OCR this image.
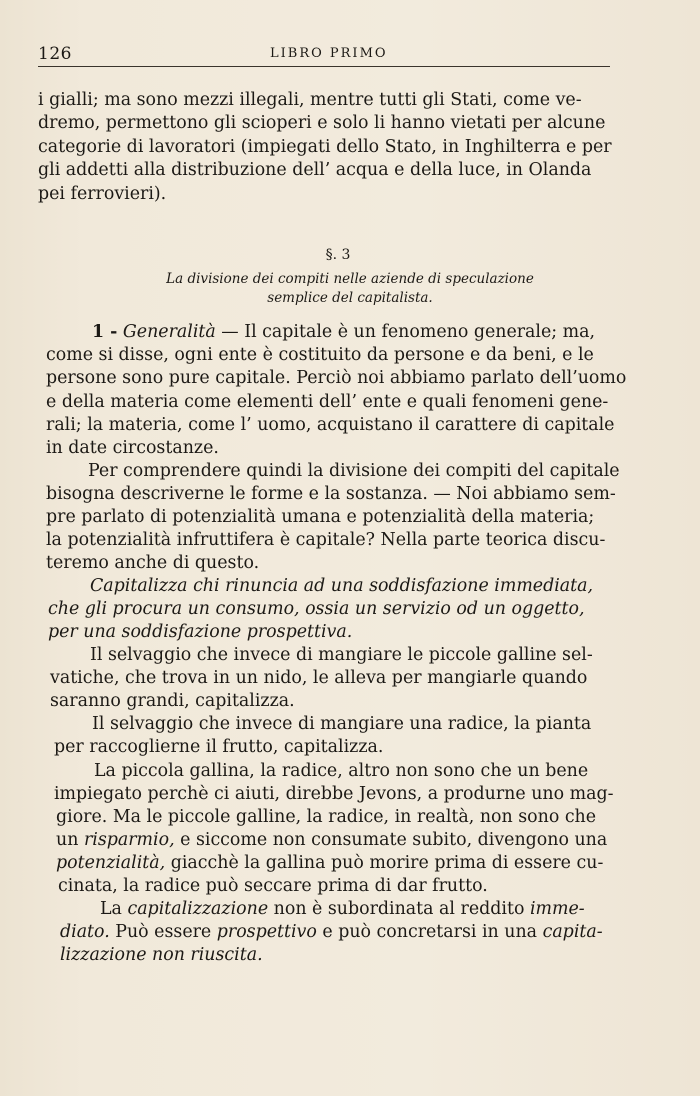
126	LIBRO PRIMO
i gialli; ma sono mezzi illegali, mentre tutti gli Stati, come ve-
dremo, permettono gli scioperi e solo li hanno vietati per alcune
categorie di lavoratori (impiegati dello Stato, in Inghilterra e per
gli addetti alla distribuzione dell’ acqua e della luce, in Olanda
pei ferrovieri).
§. 3
La divisione dei compiti nelle aziende di speculazione
semplice del capitalista.
1 - Generalità — Il capitale è un fenomeno generale; ma,
come si disse, ogni ente è costituito da persone e da beni, e le
persone sono pure capitale. Perciò noi abbiamo parlato dell’uomo
e della materia come elementi dell’ ente e quali fenomeni gene-
rali; la materia, come l’ uomo, acquistano il carattere di capitale
in date circostanze.
Per comprendere quindi la divisione dei compiti del capitale
bisogna descriverne le forme e la sostanza. — Noi abbiamo sem-
pre parlato di potenzialità umana e potenzialità della materia;
la potenzialità infruttifera è capitale? Nella parte teorica discu-
teremo anche di questo.
Capitalizza chi rinuncia ad una soddisfazione immediata,
che gli procura un consumo, ossia un servizio od un oggetto,
per una soddisfazione prospettiva.
Il selvaggio che invece di mangiare le piccole galline sel-
vatiche, che trova in un nido, le alleva per mangiarle quando
saranno grandi, capitalizza.
Il selvaggio che invece di mangiare una radice, la pianta
per raccoglierne il frutto, capitalizza.
La piccola gallina, la radice, altro non sono che un bene
impiegato perchè ci aiuti, direbbe Jevons, a produrne uno mag-
giore. Ma le piccole galline, la radice, in realtà, non sono che
un risparmio, e siccome non consumate subito, divengono una
potenzialità, giacchè la gallina può morire prima di essere cu-
cinata, la radice può seccare prima di dar frutto.
La capitalizzazione non è subordinata al reddito imme-
diato. Può essere prospettivo e può concretarsi in una capita-
lizzazione non riuscita.
